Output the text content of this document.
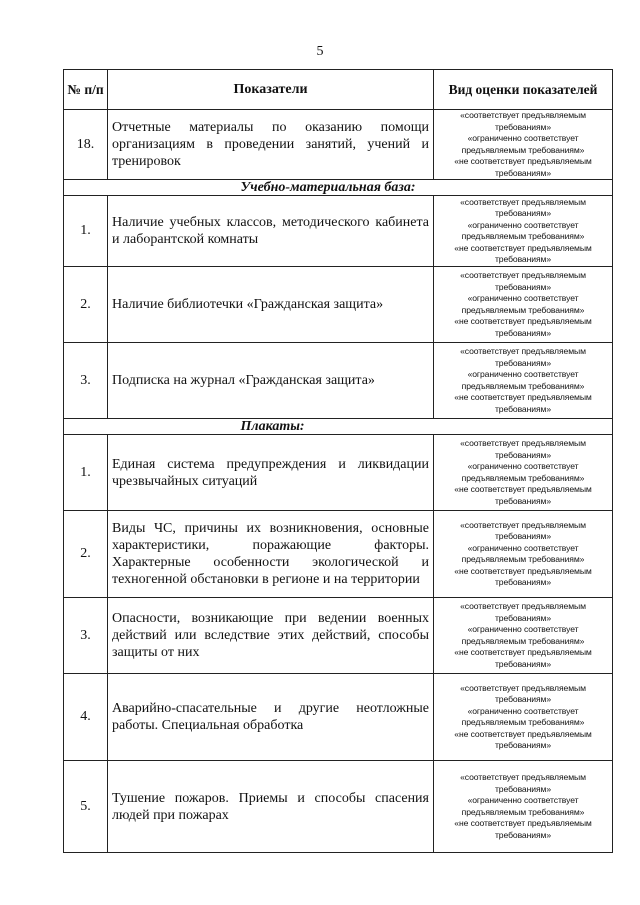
5
№ п/п	Показатели	Вид оценки показателей
18.	Отчетные материалы по оказанию помощи организациям в проведении занятий, учений и тренировок	«соответствует предъявляемым требованиям»
«ограниченно соответствует предъявляемым требованиям»
«не соответствует предъявляемым требованиям»

	Учебно-материальная база:	
1.	Наличие учебных классов, методического кабинета и лаборантской комнаты	«соответствует предъявляемым требованиям»
«ограниченно соответствует предъявляемым требованиям»
«не соответствует предъявляемым требованиям»

2.	Наличие библиотечки «Гражданская защита»	«соответствует предъявляемым требованиям»
«ограниченно соответствует предъявляемым требованиям»
«не соответствует предъявляемым требованиям»

3.	Подписка на журнал «Гражданская защита»	«соответствует предъявляемым требованиям»
«ограниченно соответствует предъявляемым требованиям»
«не соответствует предъявляемым требованиям»

	Плакаты:	
1.	Единая система предупреждения и ликвидации чрезвычайных ситуаций	«соответствует предъявляемым требованиям»
«ограниченно соответствует предъявляемым требованиям»
«не соответствует предъявляемым требованиям»

2.	Виды ЧС, причины их возникновения, основные характеристики, поражающие факторы. Характерные особенности экологической и техногенной обстановки в регионе и на территории	«соответствует предъявляемым требованиям»
«ограниченно соответствует предъявляемым требованиям»
«не соответствует предъявляемым требованиям»

3.	Опасности, возникающие при ведении военных действий или вследствие этих действий, способы защиты от них	«соответствует предъявляемым требованиям»
«ограниченно соответствует предъявляемым требованиям»
«не соответствует предъявляемым требованиям»

4.	Аварийно-спасательные и другие неотложные работы. Специальная обработка	«соответствует предъявляемым требованиям»
«ограниченно соответствует предъявляемым требованиям»
«не соответствует предъявляемым требованиям»

5.	Тушение пожаров. Приемы и способы спасения людей при пожарах	«соответствует предъявляемым требованиям»
«ограниченно соответствует предъявляемым требованиям»
«не соответствует предъявляемым требованиям»
